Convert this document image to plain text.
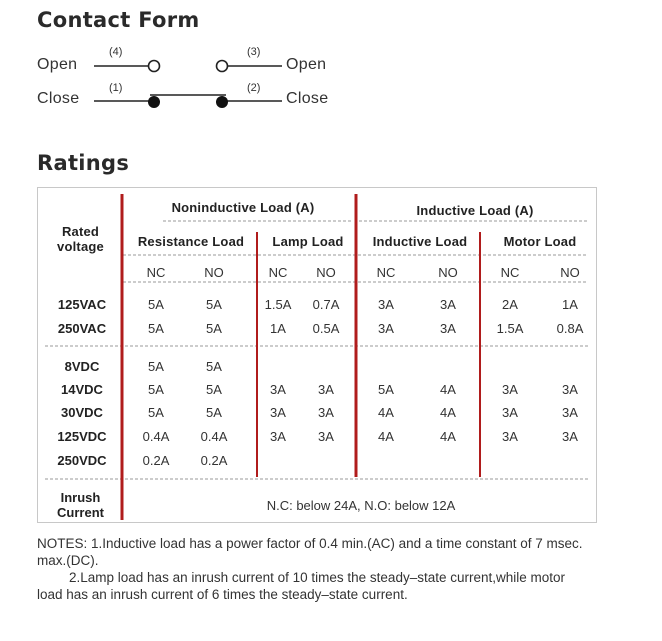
Contact Form
Open
Close
Open
Close
(4)
(1)
(3)
(2)
Ratings
Rated
voltage
Noninductive Load (A)	Inductive Load (A)
Resistance Load	Lamp Load	Inductive Load	Motor Load
NC	NO	NC	NO	NC	NO	NC	NO
125VAC	5A	5A	1.5A	0.7A	3A	3A	2A	1A
250VAC	5A	5A	1A	0.5A	3A	3A	1.5A	0.8A
8VDC	5A	5A
14VDC	5A	5A	3A	3A	5A	4A	3A	3A
30VDC	5A	5A	3A	3A	4A	4A	3A	3A
125VDC	0.4A	0.4A	3A	3A	4A	4A	3A	3A
250VDC	0.2A	0.2A
Inrush
Current	N.C: below 24A, N.O: below 12A
NOTES: 1.Inductive load has a power factor of 0.4 min.(AC) and a time constant of 7 msec.
max.(DC).
2.Lamp load has an inrush current of 10 times the steady–state current,while motor
load has an inrush current of 6 times the steady–state current.
